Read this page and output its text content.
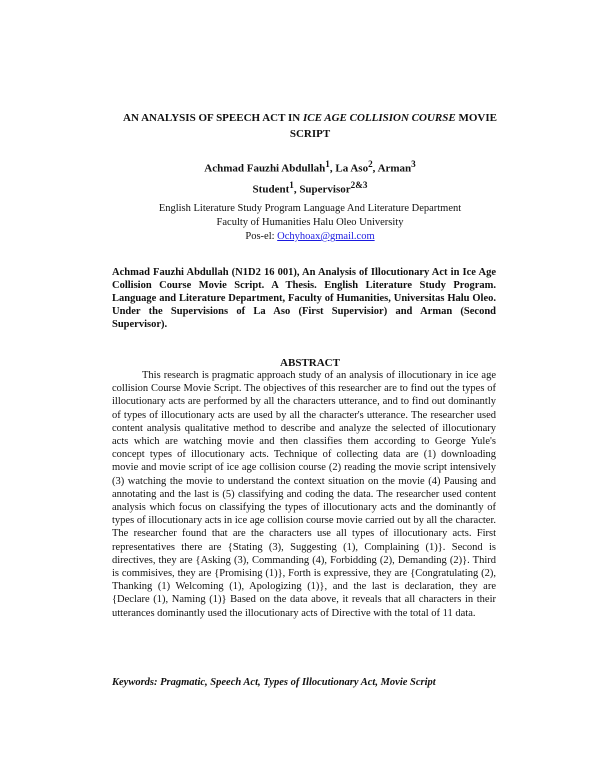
AN ANALYSIS OF SPEECH ACT IN ICE AGE COLLISION COURSE MOVIE SCRIPT
Achmad Fauzhi Abdullah$^1$, La Aso$^2$, Arman$^3$
Student$^1$, Supervisor$^{2\&3}$
English Literature Study Program Language And Literature Department
Faculty of Humanities Halu Oleo University
Pos-el: Ochyhoax@gmail.com
Achmad Fauzhi Abdullah (N1D2 16 001), An Analysis of Illocutionary Act in Ice Age Collision Course Movie Script. A Thesis. English Literature Study Program. Language and Literature Department, Faculty of Humanities, Universitas Halu Oleo. Under the Supervisions of La Aso (First Supervisior) and Arman (Second Supervisor).
ABSTRACT
This research is pragmatic approach study of an analysis of illocutionary in ice age collision Course Movie Script. The objectives of this researcher are to find out the types of illocutionary acts are performed by all the characters utterance, and to find out dominantly of types of illocutionary acts are used by all the character's utterance. The researcher used content analysis qualitative method to describe and analyze the selected of illocutionary acts which are watching movie and then classifies them according to George Yule's concept types of illocutionary acts. Technique of collecting data are (1) downloading movie and movie script of ice age collision course (2) reading the movie script intensively (3) watching the movie to understand the context situation on the movie (4) Pausing and annotating and the last is (5) classifying and coding the data. The researcher used content analysis which focus on classifying the types of illocutionary acts and the dominantly of types of illocutionary acts in ice age collision course movie carried out by all the character. The researcher found that are the characters use all types of illocutionary acts. First representatives there are {Stating (3), Suggesting (1), Complaining (1)}. Second is directives, they are {Asking (3), Commanding (4), Forbidding (2), Demanding (2)}. Third is commisives, they are {Promising (1)}, Forth is expressive, they are {Congratulating (2), Thanking (1) Welcoming (1), Apologizing (1)}, and the last is declaration, they are {Declare (1), Naming (1)} Based on the data above, it reveals that all characters in their utterances dominantly used the illocutionary acts of Directive with the total of 11 data.
Keywords: Pragmatic, Speech Act, Types of Illocutionary Act, Movie Script
